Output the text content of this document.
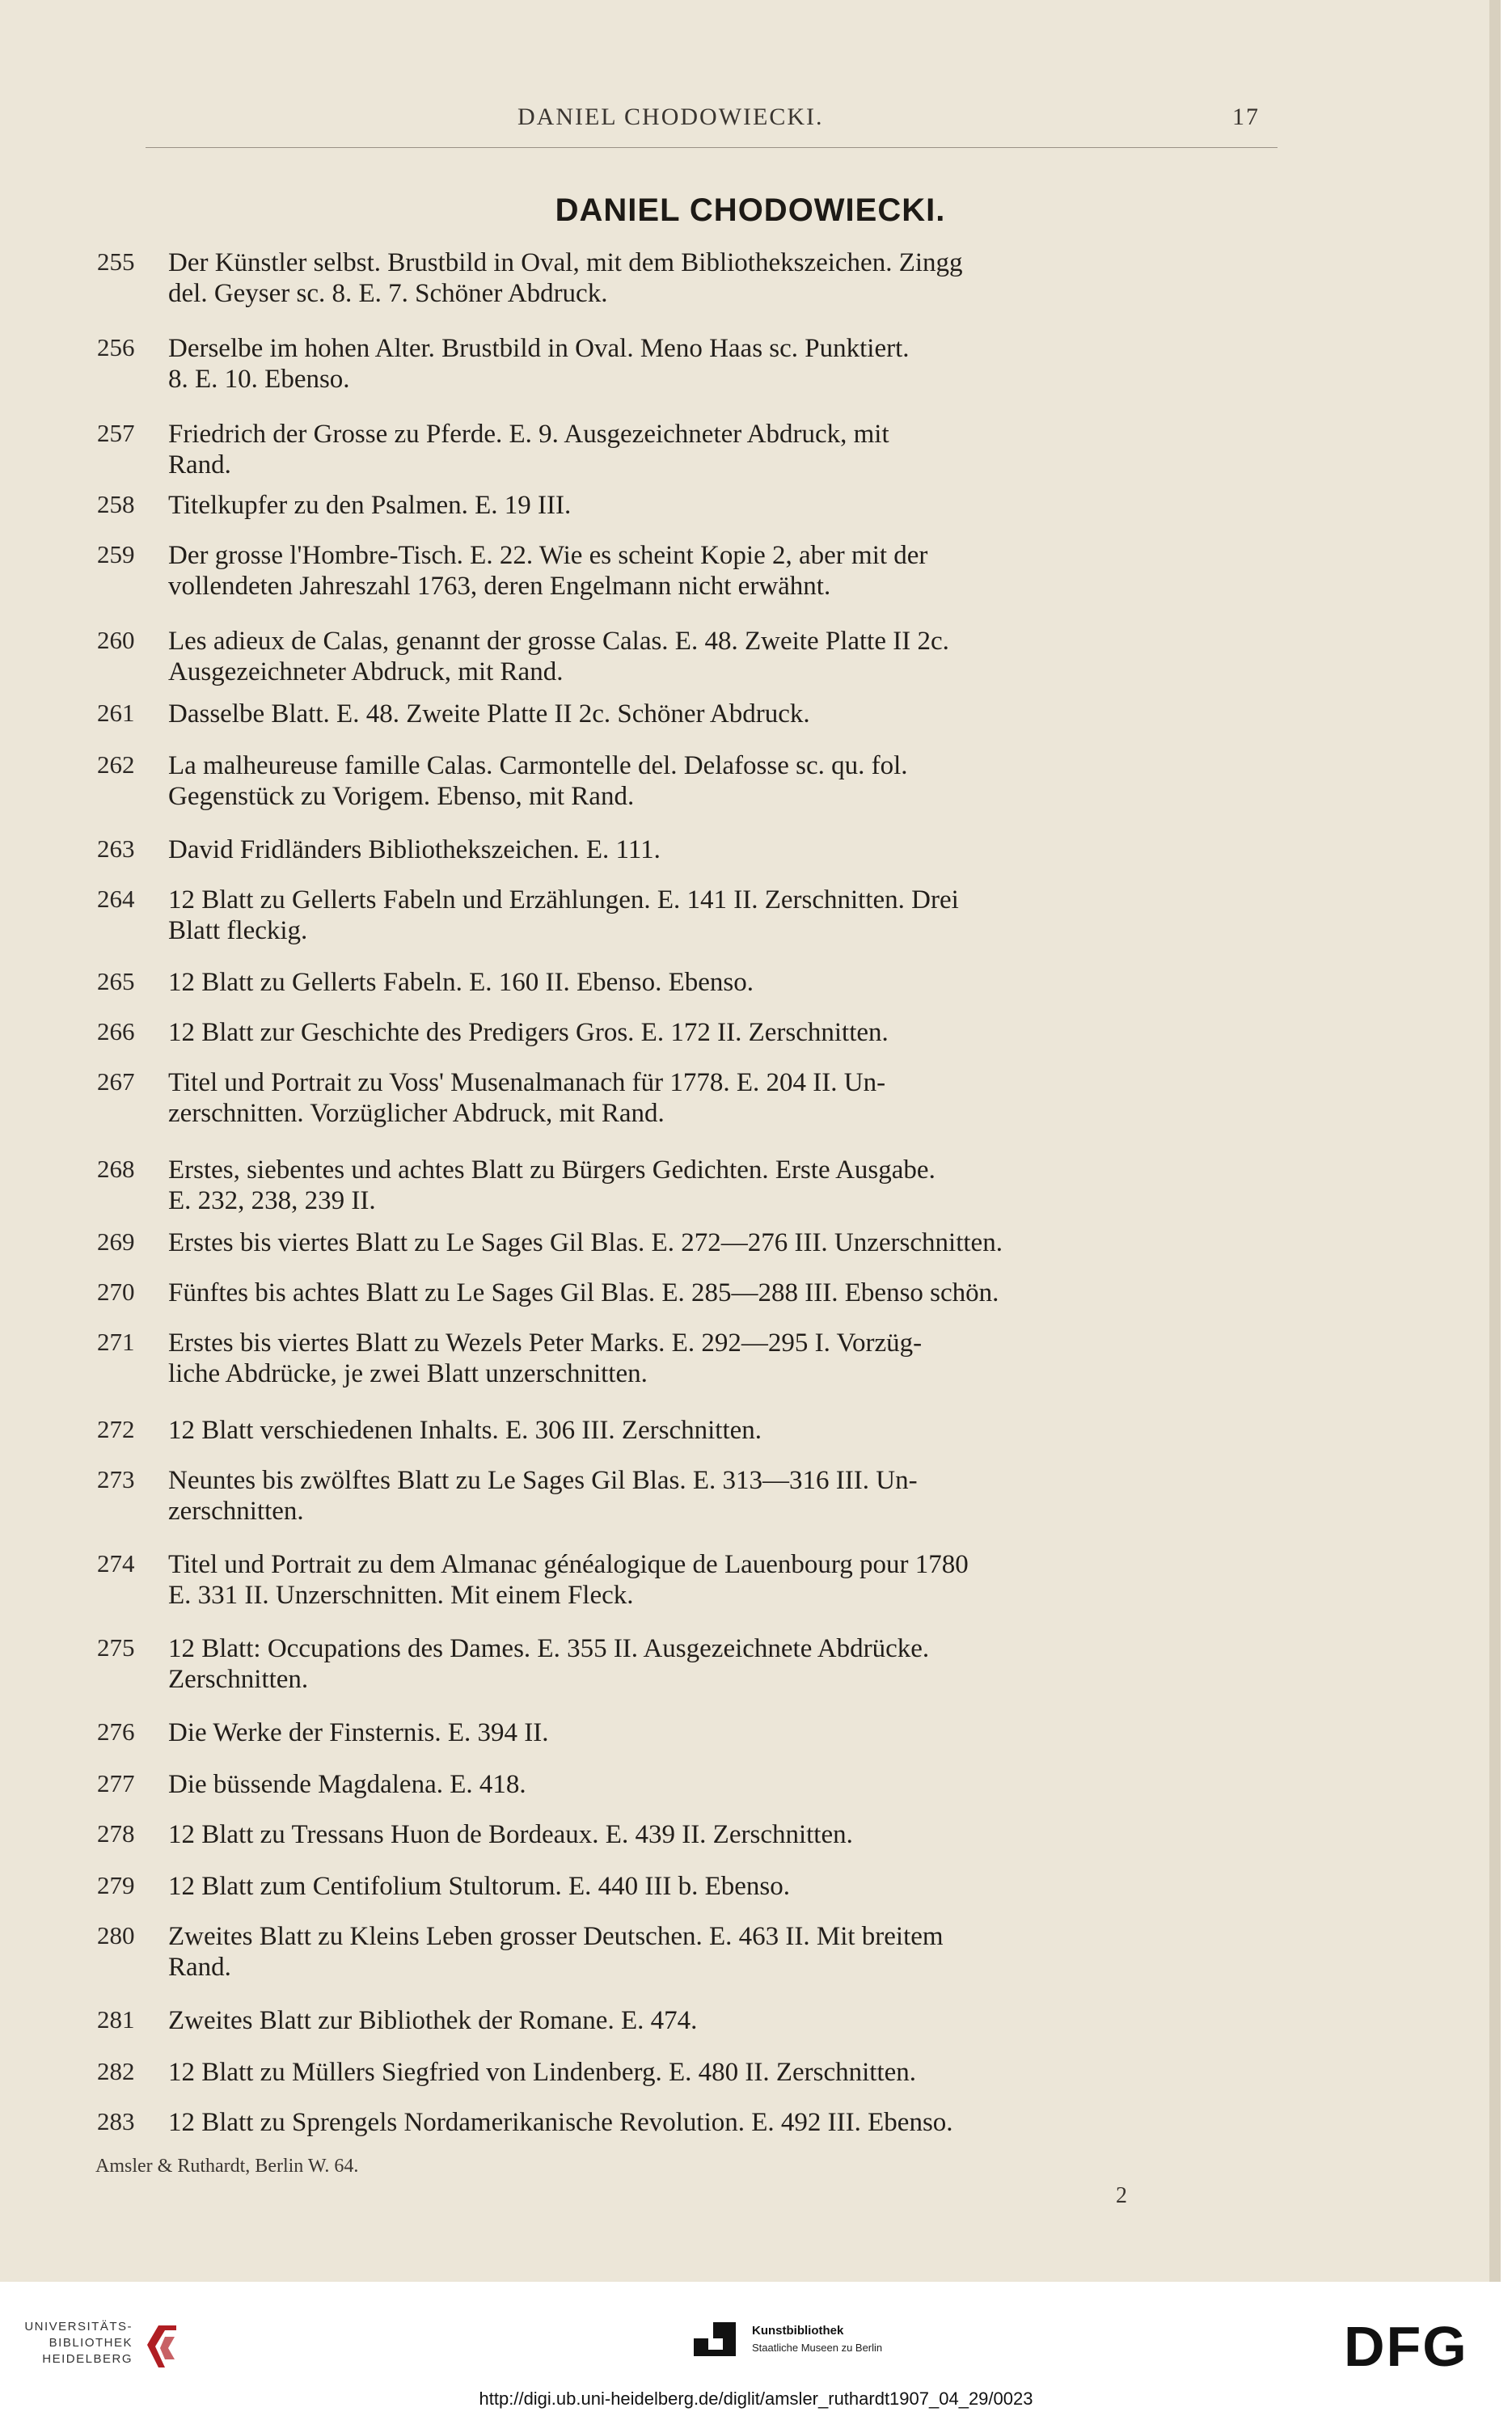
DANIEL CHODOWIECKI.	17
DANIEL CHODOWIECKI.
255	Der Künstler selbst. Brustbild in Oval, mit dem Bibliothekszeichen. Zingg
del. Geyser sc. 8. E. 7. Schöner Abdruck.
256	Derselbe im hohen Alter. Brustbild in Oval. Meno Haas sc. Punktiert.
8. E. 10. Ebenso.
257	Friedrich der Grosse zu Pferde. E. 9. Ausgezeichneter Abdruck, mit
Rand.
258	Titelkupfer zu den Psalmen. E. 19 III.
259	Der grosse l'Hombre-Tisch. E. 22. Wie es scheint Kopie 2, aber mit der
vollendeten Jahreszahl 1763, deren Engelmann nicht erwähnt.
260	Les adieux de Calas, genannt der grosse Calas. E. 48. Zweite Platte II 2c.
Ausgezeichneter Abdruck, mit Rand.
261	Dasselbe Blatt. E. 48. Zweite Platte II 2c. Schöner Abdruck.
262	La malheureuse famille Calas. Carmontelle del. Delafosse sc. qu. fol.
Gegenstück zu Vorigem. Ebenso, mit Rand.
263	David Fridländers Bibliothekszeichen. E. 111.
264	12 Blatt zu Gellerts Fabeln und Erzählungen. E. 141 II. Zerschnitten. Drei
Blatt fleckig.
265	12 Blatt zu Gellerts Fabeln. E. 160 II. Ebenso. Ebenso.
266	12 Blatt zur Geschichte des Predigers Gros. E. 172 II. Zerschnitten.
267	Titel und Portrait zu Voss' Musenalmanach für 1778. E. 204 II. Un-
zerschnitten. Vorzüglicher Abdruck, mit Rand.
268	Erstes, siebentes und achtes Blatt zu Bürgers Gedichten. Erste Ausgabe.
E. 232, 238, 239 II.
269	Erstes bis viertes Blatt zu Le Sages Gil Blas. E. 272—276 III. Unzerschnitten.
270	Fünftes bis achtes Blatt zu Le Sages Gil Blas. E. 285—288 III. Ebenso schön.
271	Erstes bis viertes Blatt zu Wezels Peter Marks. E. 292—295 I. Vorzüg-
liche Abdrücke, je zwei Blatt unzerschnitten.
272	12 Blatt verschiedenen Inhalts. E. 306 III. Zerschnitten.
273	Neuntes bis zwölftes Blatt zu Le Sages Gil Blas. E. 313—316 III. Un-
zerschnitten.
274	Titel und Portrait zu dem Almanac généalogique de Lauenbourg pour 1780
E. 331 II. Unzerschnitten. Mit einem Fleck.
275	12 Blatt: Occupations des Dames. E. 355 II. Ausgezeichnete Abdrücke.
Zerschnitten.
276	Die Werke der Finsternis. E. 394 II.
277	Die büssende Magdalena. E. 418.
278	12 Blatt zu Tressans Huon de Bordeaux. E. 439 II. Zerschnitten.
279	12 Blatt zum Centifolium Stultorum. E. 440 III b. Ebenso.
280	Zweites Blatt zu Kleins Leben grosser Deutschen. E. 463 II. Mit breitem
Rand.
281	Zweites Blatt zur Bibliothek der Romane. E. 474.
282	12 Blatt zu Müllers Siegfried von Lindenberg. E. 480 II. Zerschnitten.
283	12 Blatt zu Sprengels Nordamerikanische Revolution. E. 492 III. Ebenso.
Amsler & Ruthardt, Berlin W. 64.
2
UNIVERSITÄTS-
BIBLIOTHEK
HEIDELBERG
Kunstbibliothek
Staatliche Museen zu Berlin	DFG
http://digi.ub.uni-heidelberg.de/diglit/amsler_ruthardt1907_04_29/0023
